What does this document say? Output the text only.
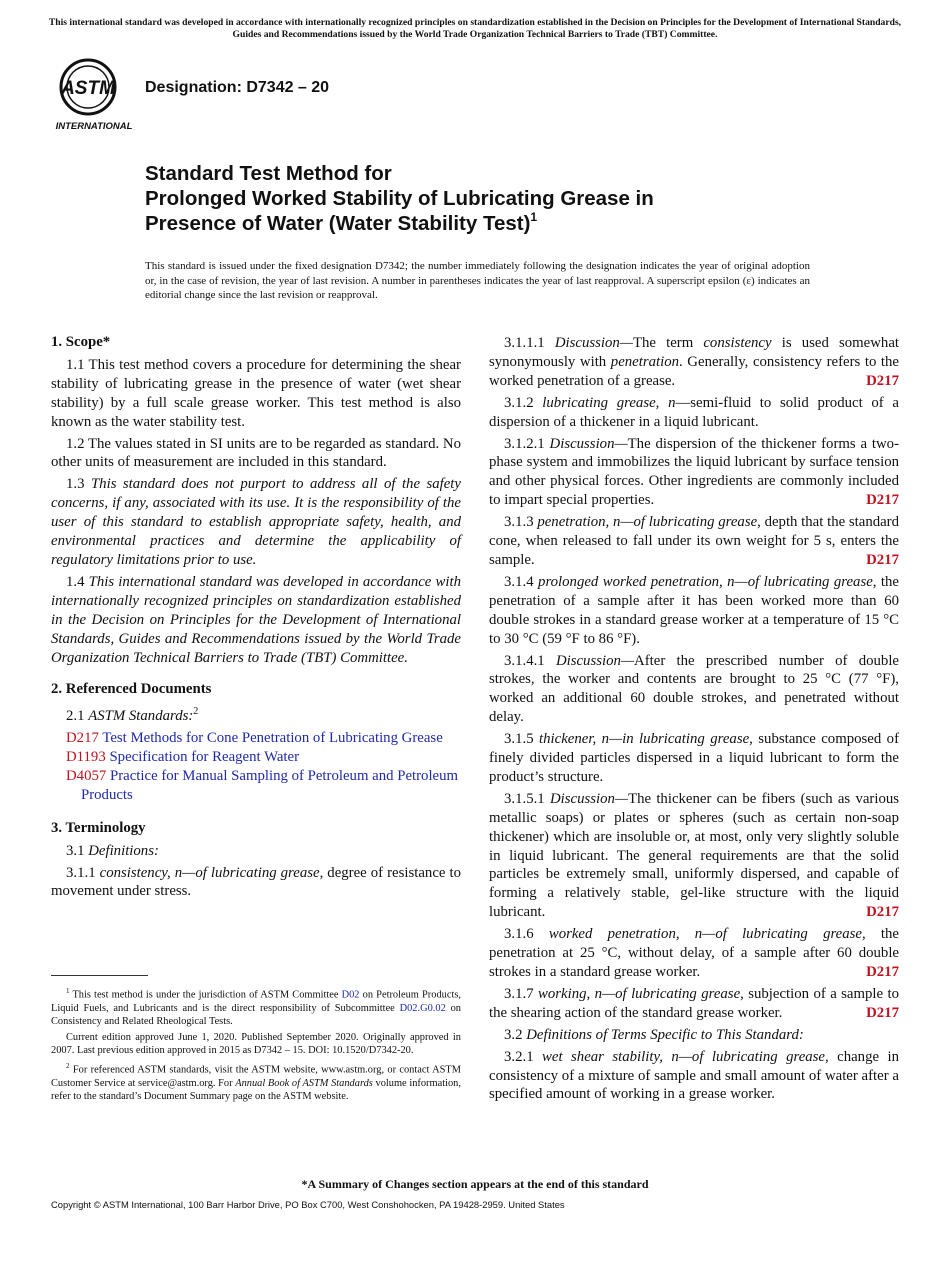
This international standard was developed in accordance with internationally recognized principles on standardization established in the Decision on Principles for the Development of International Standards, Guides and Recommendations issued by the World Trade Organization Technical Barriers to Trade (TBT) Committee.
ASTM
INTERNATIONAL
Designation: D7342 – 20
Standard Test Method for
Prolonged Worked Stability of Lubricating Grease in
Presence of Water (Water Stability Test)$^1$
This standard is issued under the fixed designation D7342; the number immediately following the designation indicates the year of original adoption or, in the case of revision, the year of last revision. A number in parentheses indicates the year of last reapproval. A superscript epsilon (ε) indicates an editorial change since the last revision or reapproval.
1. Scope*
1.1 This test method covers a procedure for determining the shear stability of lubricating grease in the presence of water (wet shear stability) by a full scale grease worker. This test method is also known as the water stability test.
1.2 The values stated in SI units are to be regarded as standard. No other units of measurement are included in this standard.
1.3 This standard does not purport to address all of the safety concerns, if any, associated with its use. It is the responsibility of the user of this standard to establish appropriate safety, health, and environmental practices and determine the applicability of regulatory limitations prior to use.
1.4 This international standard was developed in accordance with internationally recognized principles on standardization established in the Decision on Principles for the Development of International Standards, Guides and Recommendations issued by the World Trade Organization Technical Barriers to Trade (TBT) Committee.
2. Referenced Documents
2.1 ASTM Standards:$^2$
D217 Test Methods for Cone Penetration of Lubricating Grease
D1193 Specification for Reagent Water
D4057 Practice for Manual Sampling of Petroleum and Petroleum Products
3. Terminology
3.1 Definitions:
3.1.1 consistency, n—of lubricating grease, degree of resistance to movement under stress.
$^1$ This test method is under the jurisdiction of ASTM Committee D02 on Petroleum Products, Liquid Fuels, and Lubricants and is the direct responsibility of Subcommittee D02.G0.02 on Consistency and Related Rheological Tests.
Current edition approved June 1, 2020. Published September 2020. Originally approved in 2007. Last previous edition approved in 2015 as D7342 – 15. DOI: 10.1520/D7342-20.
$^2$ For referenced ASTM standards, visit the ASTM website, www.astm.org, or contact ASTM Customer Service at service@astm.org. For Annual Book of ASTM Standards volume information, refer to the standard’s Document Summary page on the ASTM website.
3.1.1.1 Discussion—The term consistency is used somewhat synonymously with penetration. Generally, consistency refers to the worked penetration of a grease.	D217
3.1.2 lubricating grease, n—semi-fluid to solid product of a dispersion of a thickener in a liquid lubricant.
3.1.2.1 Discussion—The dispersion of the thickener forms a two-phase system and immobilizes the liquid lubricant by surface tension and other physical forces. Other ingredients are commonly included to impart special properties.	D217
3.1.3 penetration, n—of lubricating grease, depth that the standard cone, when released to fall under its own weight for 5 s, enters the sample.	D217
3.1.4 prolonged worked penetration, n—of lubricating grease, the penetration of a sample after it has been worked more than 60 double strokes in a standard grease worker at a temperature of 15 °C to 30 °C (59 °F to 86 °F).
3.1.4.1 Discussion—After the prescribed number of double strokes, the worker and contents are brought to 25 °C (77 °F), worked an additional 60 double strokes, and penetrated without delay.
3.1.5 thickener, n—in lubricating grease, substance composed of finely divided particles dispersed in a liquid lubricant to form the product’s structure.
3.1.5.1 Discussion—The thickener can be fibers (such as various metallic soaps) or plates or spheres (such as certain non-soap thickener) which are insoluble or, at most, only very slightly soluble in liquid lubricant. The general requirements are that the solid particles be extremely small, uniformly dispersed, and capable of forming a relatively stable, gel-like structure with the liquid lubricant.	D217
3.1.6 worked penetration, n—of lubricating grease, the penetration at 25 °C, without delay, of a sample after 60 double strokes in a standard grease worker.	D217
3.1.7 working, n—of lubricating grease, subjection of a sample to the shearing action of the standard grease worker.	D217
3.2 Definitions of Terms Specific to This Standard:
3.2.1 wet shear stability, n—of lubricating grease, change in consistency of a mixture of sample and small amount of water after a specified amount of working in a grease worker.
*A Summary of Changes section appears at the end of this standard
Copyright © ASTM International, 100 Barr Harbor Drive, PO Box C700, West Conshohocken, PA 19428-2959. United States
